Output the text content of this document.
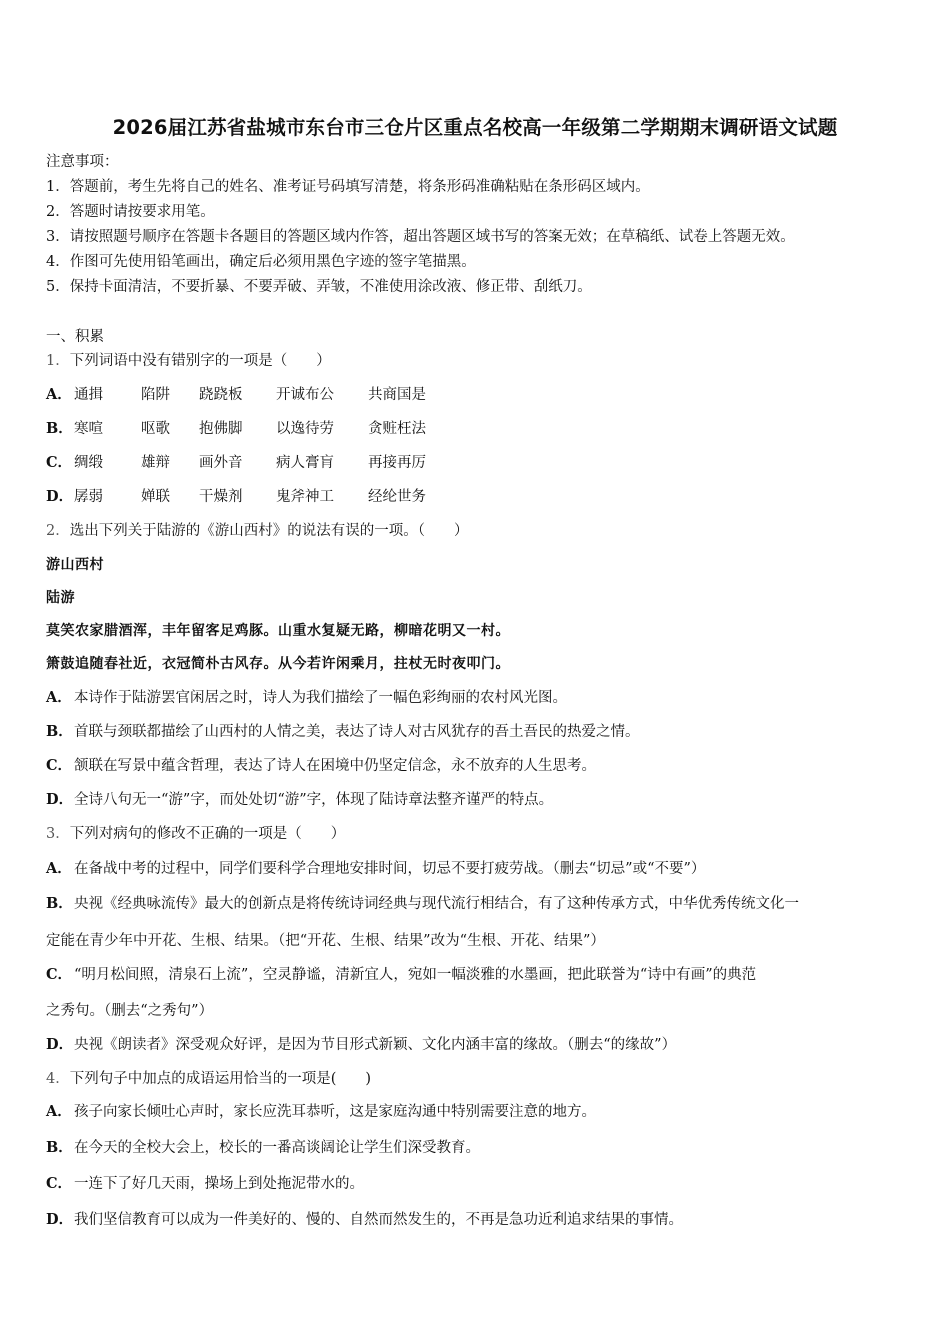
2026届江苏省盐城市东台市三仓片区重点名校高一年级第二学期期末调研语文试题
注意事项：
1．答题前，考生先将自己的姓名、准考证号码填写清楚，将条形码准确粘贴在条形码区域内。
2．答题时请按要求用笔。
3．请按照题号顺序在答题卡各题目的答题区域内作答，超出答题区域书写的答案无效；在草稿纸、试卷上答题无效。
4．作图可先使用铅笔画出，确定后必须用黑色字迹的签字笔描黑。
5．保持卡面清洁，不要折暴、不要弄破、弄皱，不准使用涂改液、修正带、刮纸刀。
一、积累
1．下列词语中没有错别字的一项是（　　）
A． 通揖	陷阱 跷跷板 开诚布公 共商国是
B．寒喧	呕歌 抱佛脚 以逸待劳 贪赃枉法
C． 绸缎	雄辩 画外音 病人膏肓 再接再厉
D．孱弱	婵联 干燥剂 鬼斧神工 经纶世务
2．选出下列关于陆游的《游山西村》的说法有误的一项。（　　）
游山西村
陆游
莫笑农家腊酒浑，丰年留客足鸡豚。山重水复疑无路，柳暗花明又一村。
箫鼓追随春社近，衣冠简朴古风存。从今若许闲乘月，拄杖无时夜叩门。
A． 本诗作于陆游罢官闲居之时，诗人为我们描绘了一幅色彩绚丽的农村风光图。
B．首联与颈联都描绘了山西村的人情之美，表达了诗人对古风犹存的吾土吾民的热爱之情。
C． 颔联在写景中蕴含哲理，表达了诗人在困境中仍坚定信念，永不放弃的人生思考。
D．全诗八句无一“游”字，而处处切“游”字，体现了陆诗章法整齐谨严的特点。
3．下列对病句的修改不正确的一项是（　　）
A． 在备战中考的过程中，同学们要科学合理地安排时间，切忌不要打疲劳战。（删去“切忌”或“不要”）
B．央视《经典咏流传》最大的创新点是将传统诗词经典与现代流行相结合，有了这种传承方式，中华优秀传统文化一
定能在青少年中开花、生根、结果。（把“开花、生根、结果”改为“生根、开花、结果”）
C． “明月松间照，清泉石上流”，空灵静谧，清新宜人，宛如一幅淡雅的水墨画，把此联誉为“诗中有画”的典范
之秀句。（删去“之秀句”）
D．央视《朗读者》深受观众好评，是因为节目形式新颖、文化内涵丰富的缘故。（删去“的缘故”）
4．下列句子中加点的成语运用恰当的一项是(　　)
A． 孩子向家长倾吐心声时，家长应洗耳恭听，这是家庭沟通中特别需要注意的地方。
B．在今天的全校大会上，校长的一番高谈阔论让学生们深受教育。
C． 一连下了好几天雨，操场上到处拖泥带水的。
D．我们坚信教育可以成为一件美好的、慢的、自然而然发生的，不再是急功近利追求结果的事情。
